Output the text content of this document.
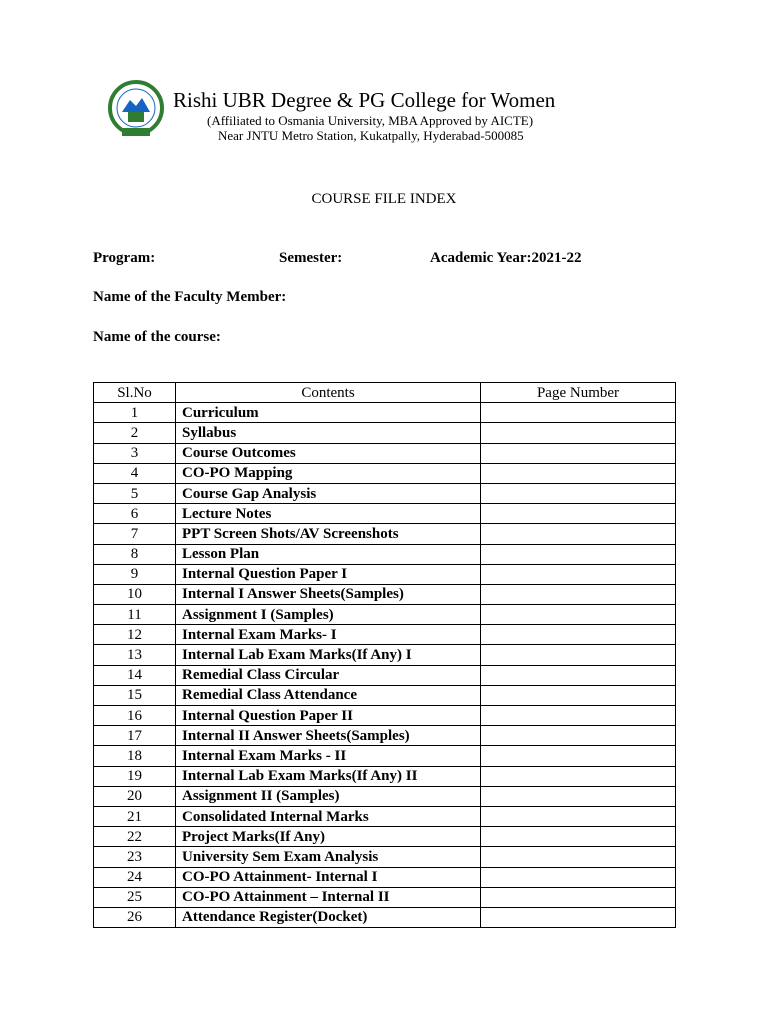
Rishi UBR Degree & PG College for Women
(Affiliated to Osmania University, MBA Approved by AICTE)
Near JNTU Metro Station, Kukatpally, Hyderabad-500085
COURSE FILE INDEX
Program:	Semester:	Academic Year:2021-22
Name of the Faculty Member:
Name of the course:
Sl.No	Contents	Page Number
1	Curriculum	
2	Syllabus	
3	Course Outcomes	
4	CO-PO Mapping	
5	Course Gap Analysis	
6	Lecture Notes	
7	PPT Screen Shots/AV Screenshots	
8	Lesson Plan	
9	Internal Question Paper I	
10	Internal I Answer Sheets(Samples)	
11	Assignment I (Samples)	
12	Internal Exam Marks- I	
13	Internal Lab Exam Marks(If Any) I	
14	Remedial Class Circular	
15	Remedial Class Attendance	
16	Internal Question Paper II	
17	Internal II Answer Sheets(Samples)	
18	Internal Exam Marks - II	
19	Internal Lab Exam Marks(If Any) II	
20	Assignment II (Samples)	
21	Consolidated Internal Marks	
22	Project Marks(If Any)	
23	University Sem Exam Analysis	
24	CO-PO Attainment- Internal I	
25	CO-PO Attainment – Internal II	
26	Attendance Register(Docket)	
